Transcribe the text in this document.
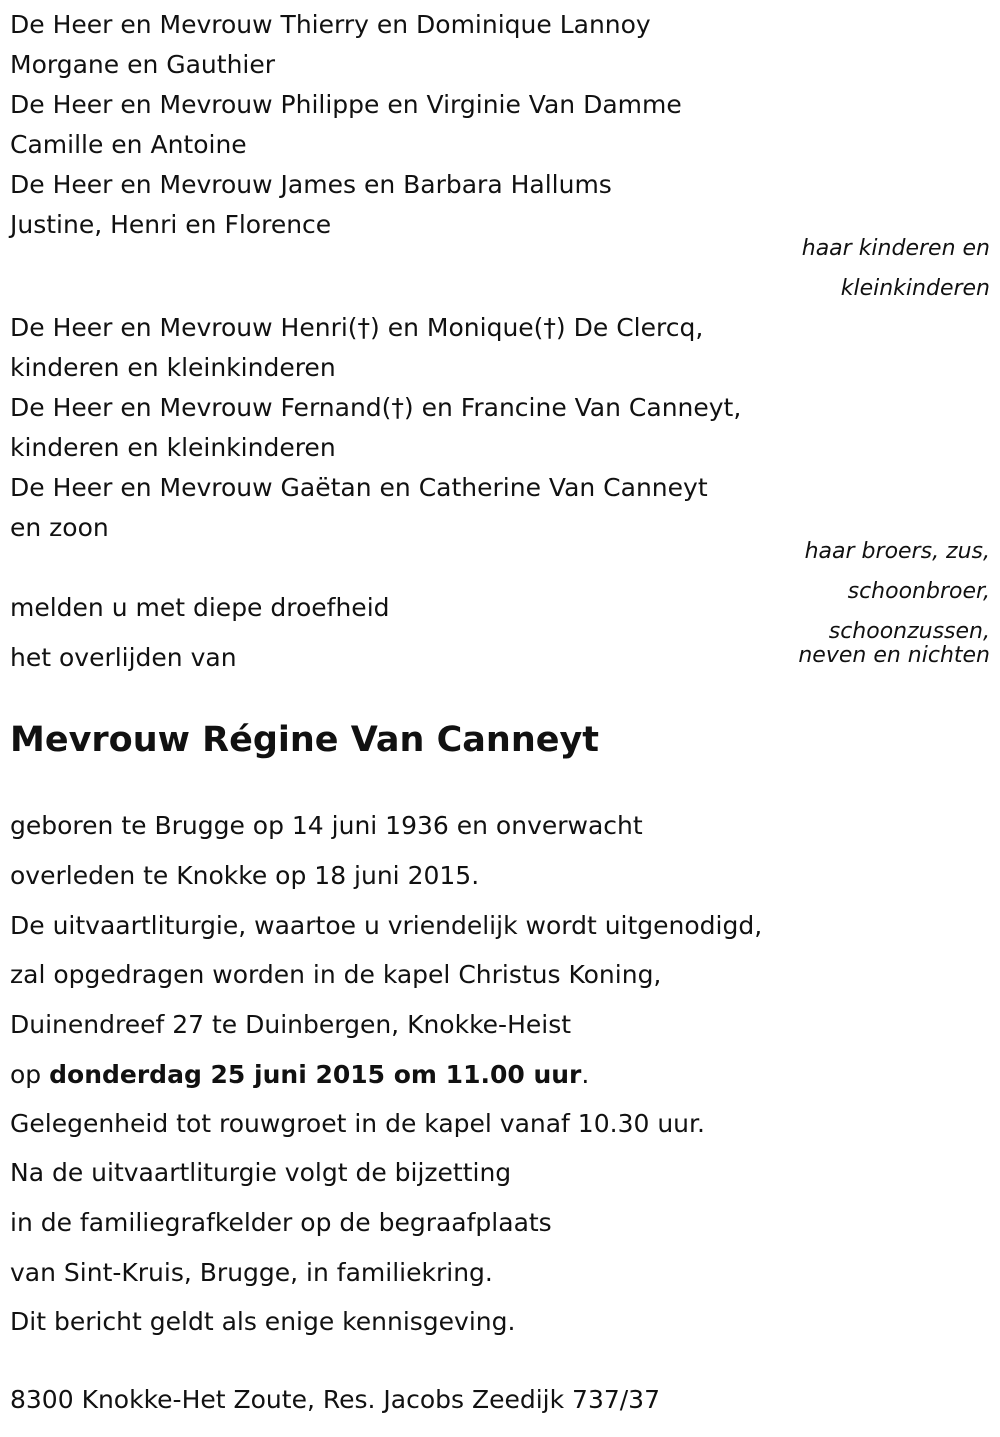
De Heer en Mevrouw Thierry en Dominique Lannoy
Morgane en Gauthier
De Heer en Mevrouw Philippe en Virginie Van Damme
Camille en Antoine
De Heer en Mevrouw James en Barbara Hallums
Justine, Henri en Florence
haar kinderen en
kleinkinderen
De Heer en Mevrouw Henri(†) en Monique(†) De Clercq,
kinderen en kleinkinderen
De Heer en Mevrouw Fernand(†) en Francine Van Canneyt,
kinderen en kleinkinderen
De Heer en Mevrouw Gaëtan en Catherine Van Canneyt
en zoon
haar broers, zus,
schoonbroer,
schoonzussen,
neven en nichten
melden u met diepe droefheid
het overlijden van
Mevrouw Régine Van Canneyt
geboren te Brugge op 14 juni 1936 en onverwacht
overleden te Knokke op 18 juni 2015.
De uitvaartliturgie, waartoe u vriendelijk wordt uitgenodigd,
zal opgedragen worden in de kapel Christus Koning,
Duinendreef 27 te Duinbergen, Knokke-Heist
op donderdag 25 juni 2015 om 11.00 uur.
Gelegenheid tot rouwgroet in de kapel vanaf 10.30 uur.
Na de uitvaartliturgie volgt de bijzetting
in de familiegrafkelder op de begraafplaats
van Sint-Kruis, Brugge, in familiekring.
Dit bericht geldt als enige kennisgeving.
8300 Knokke-Het Zoute, Res. Jacobs Zeedijk 737/37
